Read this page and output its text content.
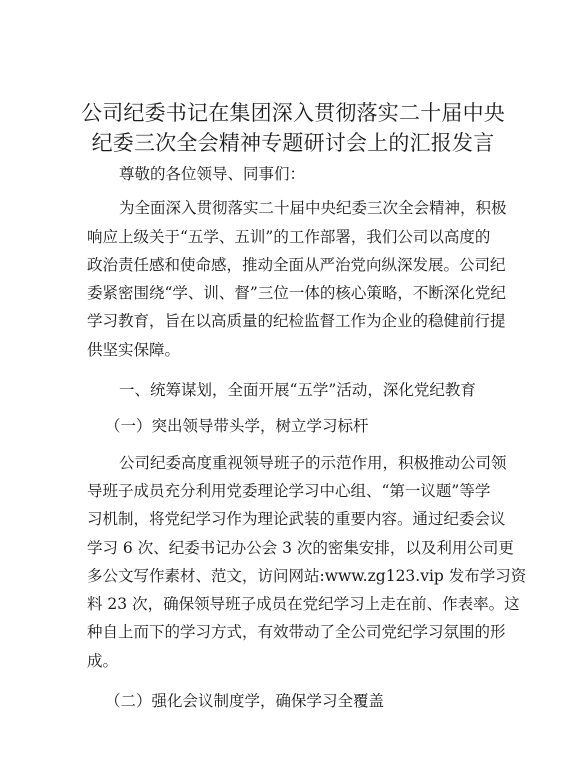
公司纪委书记在集团深入贯彻落实二十届中央
纪委三次全会精神专题研讨会上的汇报发言

尊敬的各位领导、同事们：

为全面深入贯彻落实二十届中央纪委三次全会精神，积极
响应上级关于“五学、五训”的工作部署，我们公司以高度的
政治责任感和使命感，推动全面从严治党向纵深发展。公司纪
委紧密围绕“学、训、督”三位一体的核心策略，不断深化党纪
学习教育，旨在以高质量的纪检监督工作为企业的稳健前行提
供坚实保障。

一、统筹谋划，全面开展“五学”活动，深化党纪教育

（一）突出领导带头学，树立学习标杆

公司纪委高度重视领导班子的示范作用，积极推动公司领
导班子成员充分利用党委理论学习中心组、“第一议题”等学
习机制，将党纪学习作为理论武装的重要内容。通过纪委会议
学习 6 次、纪委书记办公会 3 次的密集安排，以及利用公司更
多公文写作素材、范文，访问网站:www.zg123.vip 发布学习资
料 23 次，确保领导班子成员在党纪学习上走在前、作表率。这
种自上而下的学习方式，有效带动了全公司党纪学习氛围的形
成。

（二）强化会议制度学，确保学习全覆盖
